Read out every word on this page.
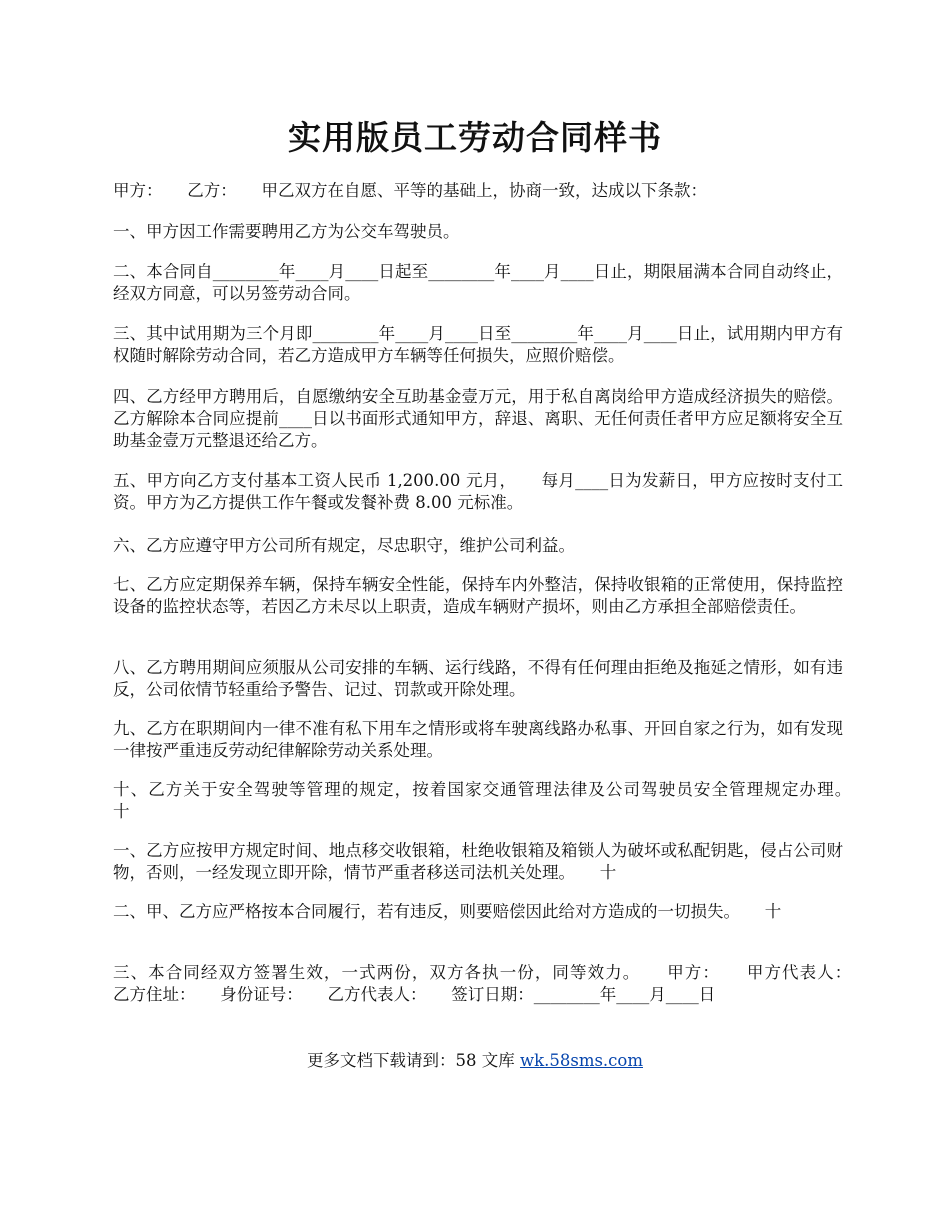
实用版员工劳动合同样书

甲方：　　乙方：　　甲乙双方在自愿、平等的基础上，协商一致，达成以下条款：

一、甲方因工作需要聘用乙方为公交车驾驶员。

二、本合同自________年____月____日起至________年____月____日止，期限届满本合同自动终止，经双方同意，可以另签劳动合同。

三、其中试用期为三个月即________年____月____日至________年____月____日止，试用期内甲方有权随时解除劳动合同，若乙方造成甲方车辆等任何损失，应照价赔偿。

四、乙方经甲方聘用后，自愿缴纳安全互助基金壹万元，用于私自离岗给甲方造成经济损失的赔偿。乙方解除本合同应提前____日以书面形式通知甲方，辞退、离职、无任何责任者甲方应足额将安全互助基金壹万元整退还给乙方。

五、甲方向乙方支付基本工资人民币 1,200.00 元月，　　每月____日为发薪日，甲方应按时支付工资。甲方为乙方提供工作午餐或发餐补费 8.00 元标准。

六、乙方应遵守甲方公司所有规定，尽忠职守，维护公司利益。

七、乙方应定期保养车辆，保持车辆安全性能，保持车内外整洁，保持收银箱的正常使用，保持监控设备的监控状态等，若因乙方未尽以上职责，造成车辆财产损坏，则由乙方承担全部赔偿责任。

八、乙方聘用期间应须服从公司安排的车辆、运行线路，不得有任何理由拒绝及拖延之情形，如有违反，公司依情节轻重给予警告、记过、罚款或开除处理。

九、乙方在职期间内一律不准有私下用车之情形或将车驶离线路办私事、开回自家之行为，如有发现一律按严重违反劳动纪律解除劳动关系处理。

十、乙方关于安全驾驶等管理的规定，按着国家交通管理法律及公司驾驶员安全管理规定办理。　　十

一、乙方应按甲方规定时间、地点移交收银箱，杜绝收银箱及箱锁人为破坏或私配钥匙，侵占公司财物，否则，一经发现立即开除，情节严重者移送司法机关处理。　　十

二、甲、乙方应严格按本合同履行，若有违反，则要赔偿因此给对方造成的一切损失。　　十

三、本合同经双方签署生效，一式两份，双方各执一份，同等效力。　　甲方：　　甲方代表人：　　乙方住址：　　身份证号：　　乙方代表人：　　签订日期：________年____月____日

更多文档下载请到：58 文库 wk.58sms.com
